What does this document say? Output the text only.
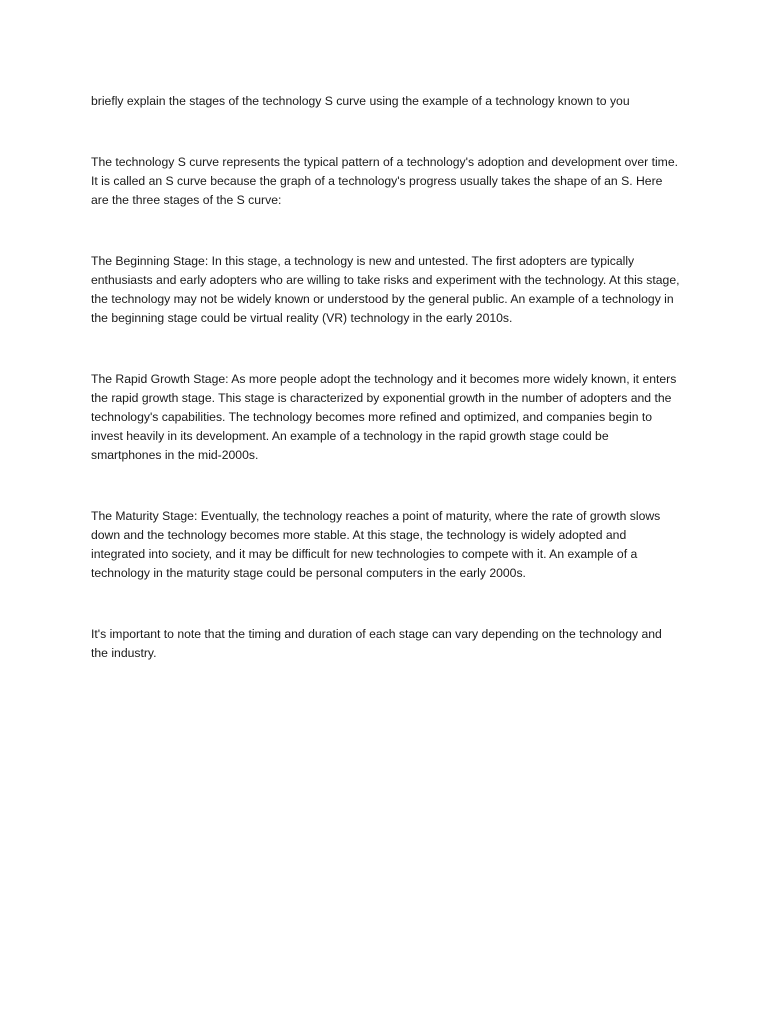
briefly explain the stages of the technology S curve using the example of a technology known to you

The technology S curve represents the typical pattern of a technology's adoption and development over time. It is called an S curve because the graph of a technology's progress usually takes the shape of an S. Here are the three stages of the S curve:

The Beginning Stage: In this stage, a technology is new and untested. The first adopters are typically enthusiasts and early adopters who are willing to take risks and experiment with the technology. At this stage, the technology may not be widely known or understood by the general public. An example of a technology in the beginning stage could be virtual reality (VR) technology in the early 2010s.

The Rapid Growth Stage: As more people adopt the technology and it becomes more widely known, it enters the rapid growth stage. This stage is characterized by exponential growth in the number of adopters and the technology's capabilities. The technology becomes more refined and optimized, and companies begin to invest heavily in its development. An example of a technology in the rapid growth stage could be smartphones in the mid-2000s.

The Maturity Stage: Eventually, the technology reaches a point of maturity, where the rate of growth slows down and the technology becomes more stable. At this stage, the technology is widely adopted and integrated into society, and it may be difficult for new technologies to compete with it. An example of a technology in the maturity stage could be personal computers in the early 2000s.

It's important to note that the timing and duration of each stage can vary depending on the technology and the industry.
